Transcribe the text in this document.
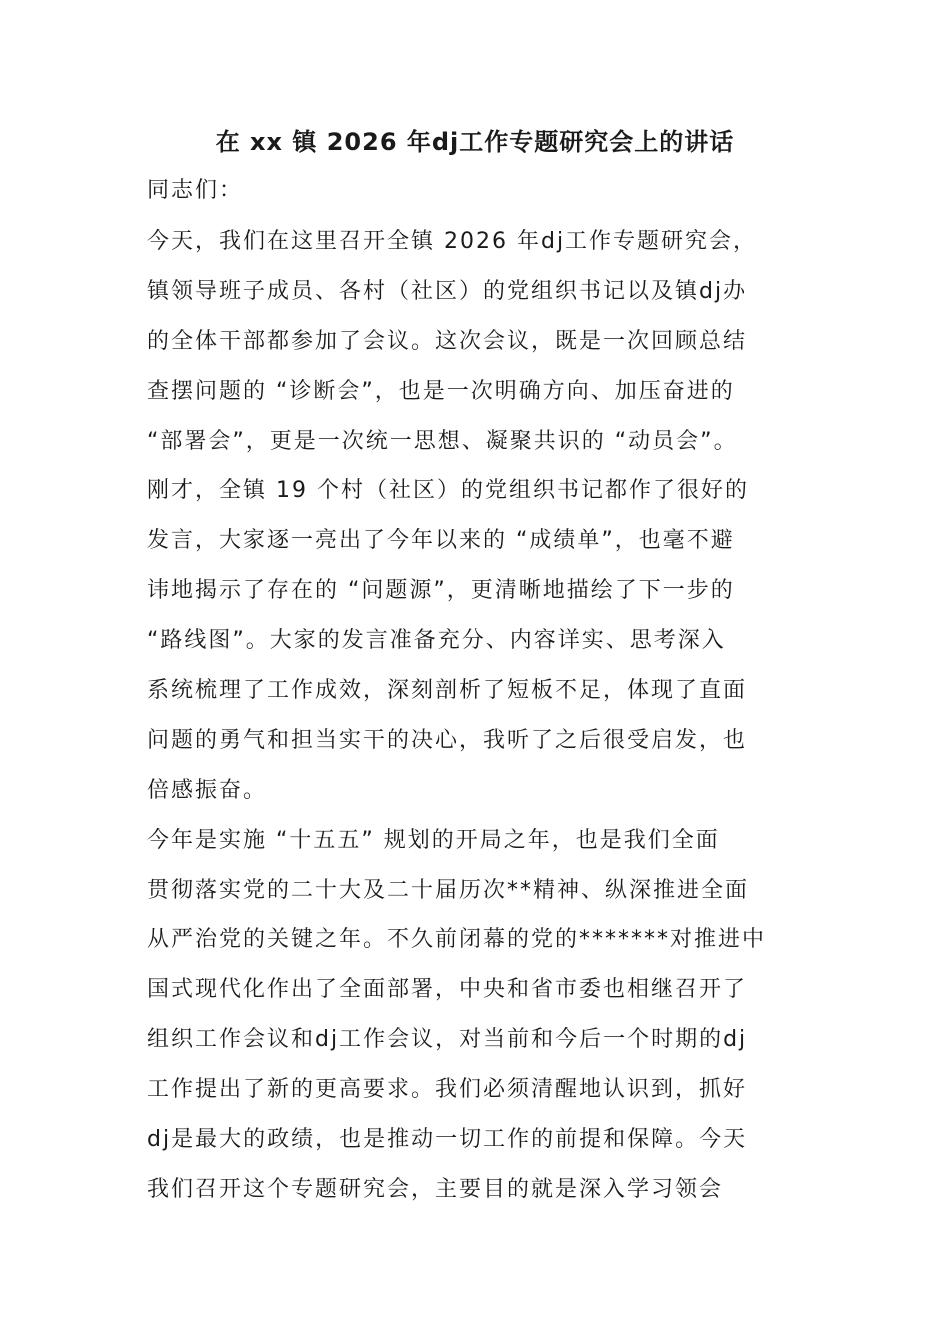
在 xx 镇 2026 年dj工作专题研究会上的讲话
同志们：
今天，我们在这里召开全镇 2026 年dj工作专题研究会，
镇领导班子成员、各村（社区）的党组织书记以及镇dj办
的全体干部都参加了会议。这次会议，既是一次回顾总结
查摆问题的 “诊断会”，也是一次明确方向、加压奋进的
“部署会”，更是一次统一思想、凝聚共识的 “动员会”。
刚才，全镇 19 个村（社区）的党组织书记都作了很好的
发言，大家逐一亮出了今年以来的 “成绩单”，也毫不避
讳地揭示了存在的 “问题源”，更清晰地描绘了下一步的
“路线图”。大家的发言准备充分、内容详实、思考深入
系统梳理了工作成效，深刻剖析了短板不足，体现了直面
问题的勇气和担当实干的决心，我听了之后很受启发，也
倍感振奋。
今年是实施 “十五五” 规划的开局之年，也是我们全面
贯彻落实党的二十大及二十届历次**精神、纵深推进全面
从严治党的关键之年。不久前闭幕的党的*******对推进中
国式现代化作出了全面部署，中央和省市委也相继召开了
组织工作会议和dj工作会议，对当前和今后一个时期的dj
工作提出了新的更高要求。我们必须清醒地认识到，抓好
dj是最大的政绩，也是推动一切工作的前提和保障。今天
我们召开这个专题研究会，主要目的就是深入学习领会
